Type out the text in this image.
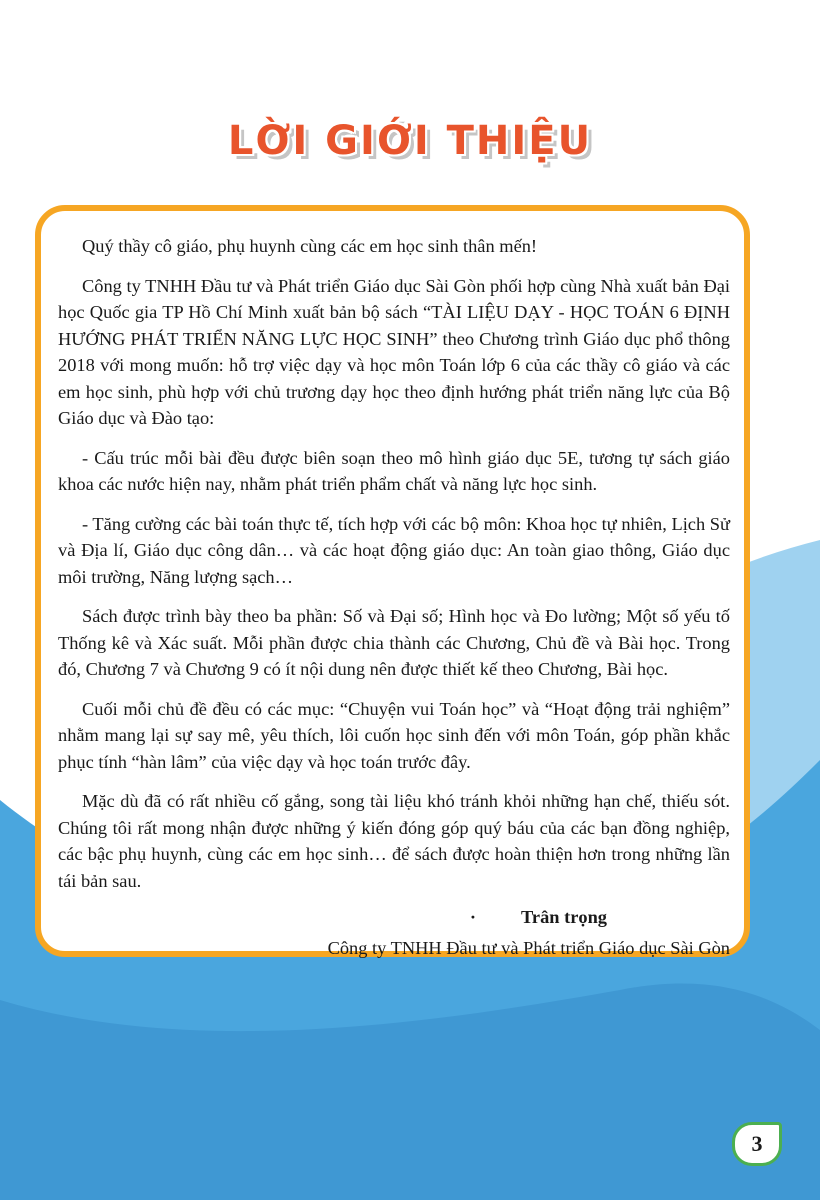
LỜI GIỚI THIỆU

Quý thầy cô giáo, phụ huynh cùng các em học sinh thân mến!

Công ty TNHH Đầu tư và Phát triển Giáo dục Sài Gòn phối hợp cùng Nhà xuất bản Đại học Quốc gia TP Hồ Chí Minh xuất bản bộ sách “TÀI LIỆU DẠY - HỌC TOÁN 6 ĐỊNH HƯỚNG PHÁT TRIỂN NĂNG LỰC HỌC SINH” theo Chương trình Giáo dục phổ thông 2018 với mong muốn: hỗ trợ việc dạy và học môn Toán lớp 6 của các thầy cô giáo và các em học sinh, phù hợp với chủ trương dạy học theo định hướng phát triển năng lực của Bộ Giáo dục và Đào tạo:

- Cấu trúc mỗi bài đều được biên soạn theo mô hình giáo dục 5E, tương tự sách giáo khoa các nước hiện nay, nhằm phát triển phẩm chất và năng lực học sinh.

- Tăng cường các bài toán thực tế, tích hợp với các bộ môn: Khoa học tự nhiên, Lịch Sử và Địa lí, Giáo dục công dân… và các hoạt động giáo dục: An toàn giao thông, Giáo dục môi trường, Năng lượng sạch…

Sách được trình bày theo ba phần: Số và Đại số; Hình học và Đo lường; Một số yếu tố Thống kê và Xác suất. Mỗi phần được chia thành các Chương, Chủ đề và Bài học. Trong đó, Chương 7 và Chương 9 có ít nội dung nên được thiết kế theo Chương, Bài học.

Cuối mỗi chủ đề đều có các mục: “Chuyện vui Toán học” và “Hoạt động trải nghiệm” nhằm mang lại sự say mê, yêu thích, lôi cuốn học sinh đến với môn Toán, góp phần khắc phục tính “hàn lâm” của việc dạy và học toán trước đây.

Mặc dù đã có rất nhiều cố gắng, song tài liệu khó tránh khỏi những hạn chế, thiếu sót. Chúng tôi rất mong nhận được những ý kiến đóng góp quý báu của các bạn đồng nghiệp, các bậc phụ huynh, cùng các em học sinh… để sách được hoàn thiện hơn trong những lần tái bản sau.

· Trân trọng

Công ty TNHH Đầu tư và Phát triển Giáo dục Sài Gòn

3
